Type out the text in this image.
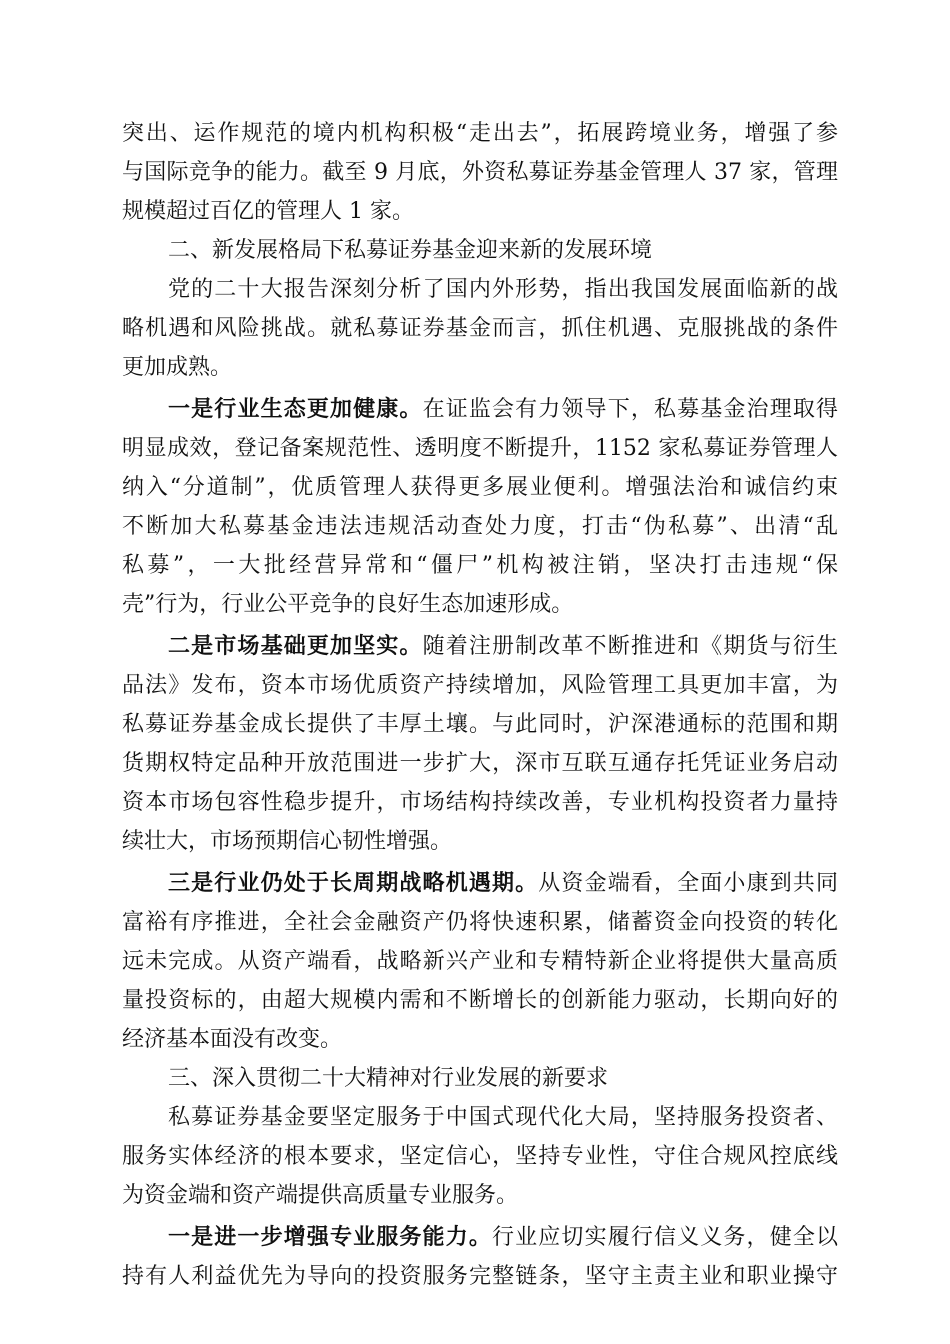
突出、运作规范的境内机构积极“走出去”，拓展跨境业务，增强了参
与国际竞争的能力。截至 9 月底，外资私募证券基金管理人 37 家，管理
规模超过百亿的管理人 1 家。
二、新发展格局下私募证券基金迎来新的发展环境
党的二十大报告深刻分析了国内外形势，指出我国发展面临新的战
略机遇和风险挑战。就私募证券基金而言，抓住机遇、克服挑战的条件
更加成熟。
一是行业生态更加健康。在证监会有力领导下，私募基金治理取得
明显成效，登记备案规范性、透明度不断提升，1152 家私募证券管理人
纳入“分道制”，优质管理人获得更多展业便利。增强法治和诚信约束
不断加大私募基金违法违规活动查处力度，打击“伪私募”、出清“乱
私募”，一大批经营异常和“僵尸”机构被注销，坚决打击违规“保
壳”行为，行业公平竞争的良好生态加速形成。
二是市场基础更加坚实。随着注册制改革不断推进和《期货与衍生
品法》发布，资本市场优质资产持续增加，风险管理工具更加丰富，为
私募证券基金成长提供了丰厚土壤。与此同时，沪深港通标的范围和期
货期权特定品种开放范围进一步扩大，深市互联互通存托凭证业务启动
资本市场包容性稳步提升，市场结构持续改善，专业机构投资者力量持
续壮大，市场预期信心韧性增强。
三是行业仍处于长周期战略机遇期。从资金端看，全面小康到共同
富裕有序推进，全社会金融资产仍将快速积累，储蓄资金向投资的转化
远未完成。从资产端看，战略新兴产业和专精特新企业将提供大量高质
量投资标的，由超大规模内需和不断增长的创新能力驱动，长期向好的
经济基本面没有改变。
三、深入贯彻二十大精神对行业发展的新要求
私募证券基金要坚定服务于中国式现代化大局，坚持服务投资者、
服务实体经济的根本要求，坚定信心，坚持专业性，守住合规风控底线
为资金端和资产端提供高质量专业服务。
一是进一步增强专业服务能力。行业应切实履行信义义务，健全以
持有人利益优先为导向的投资服务完整链条，坚守主责主业和职业操守
